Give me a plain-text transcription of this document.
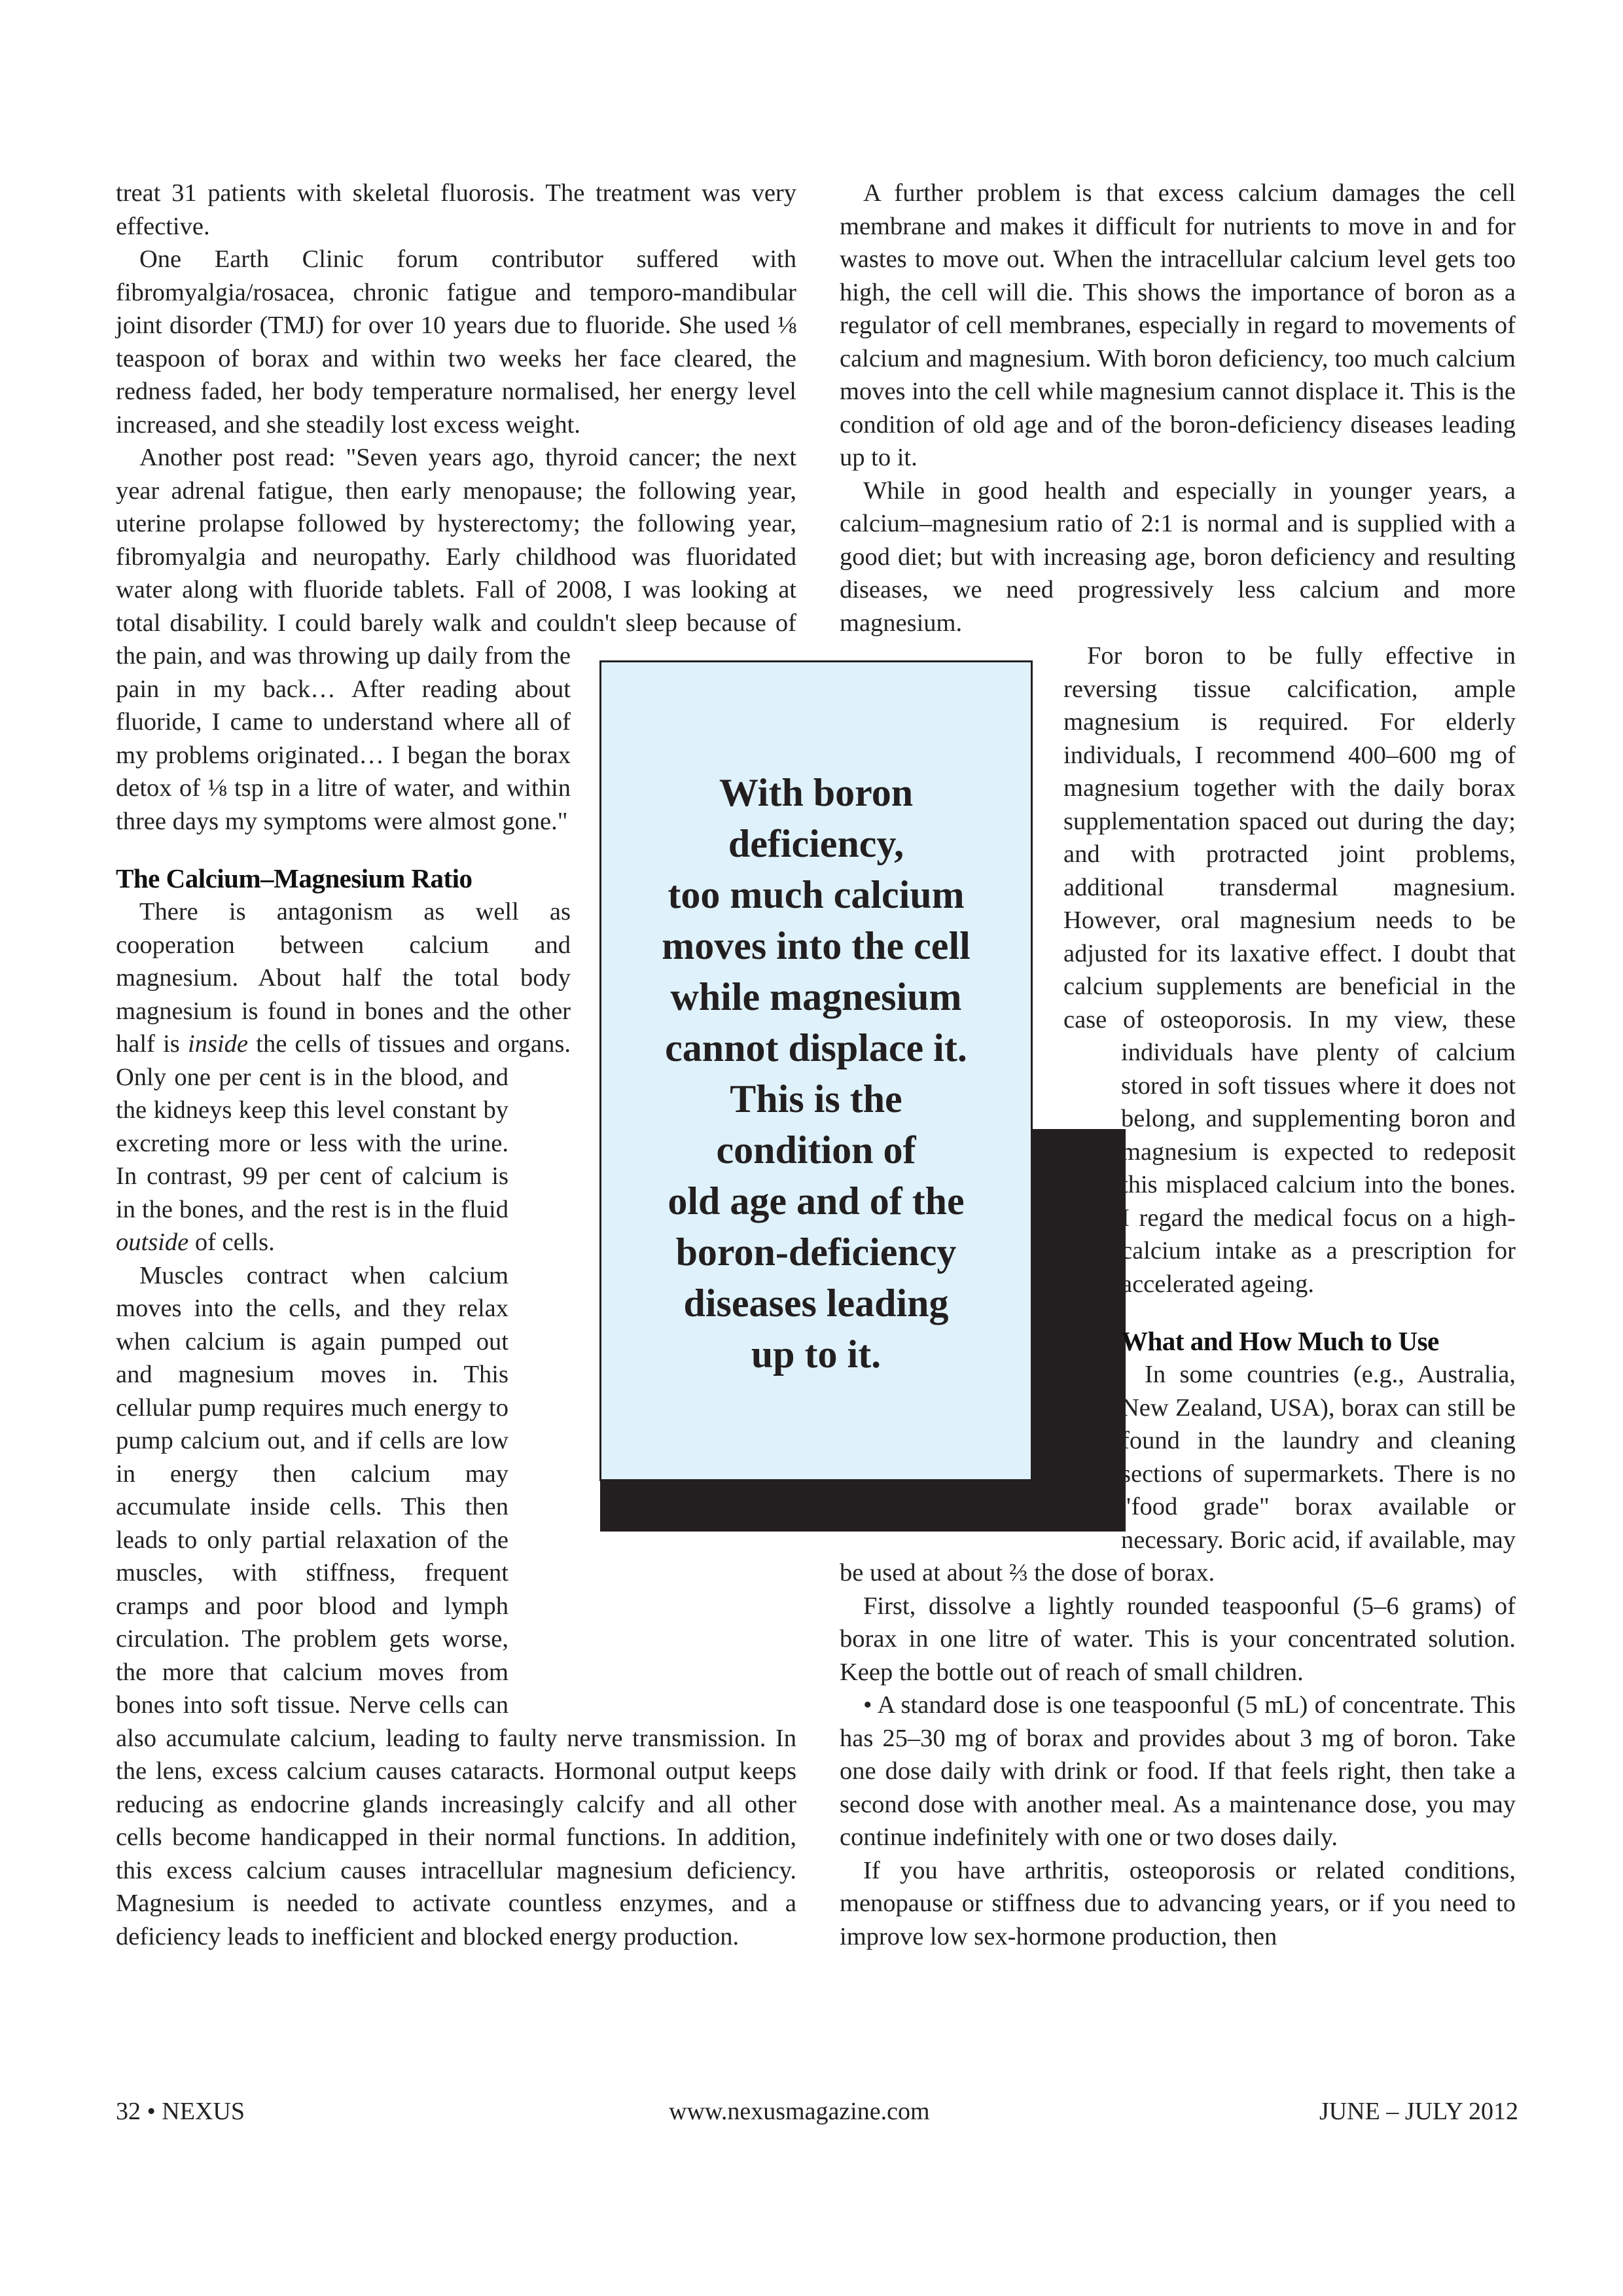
With boron
deficiency,
too much calcium
moves into the cell
while magnesium
cannot displace it.
This is the
condition of
old age and of the
boron-deficiency
diseases leading
up to it.

treat 31 patients with skeletal fluorosis. The treatment was very effective.

One Earth Clinic forum contributor suffered with fibromyalgia/rosacea, chronic fatigue and temporo-mandibular joint disorder (TMJ) for over 10 years due to fluoride. She used ⅛ teaspoon of borax and within two weeks her face cleared, the redness faded, her body temperature normalised, her energy level increased, and she steadily lost excess weight.

Another post read: "Seven years ago, thyroid cancer; the next year adrenal fatigue, then early menopause; the following year, uterine prolapse followed by hysterectomy; the following year, fibromyalgia and neuropathy. Early childhood was fluoridated water along with fluoride tablets. Fall of 2008, I was looking at total disability. I could barely walk and couldn't sleep because of the pain, and was throwing up daily from the pain in my back… After reading about fluoride, I came to understand where all of my problems originated… I began the borax detox of ⅛ tsp in a litre of water, and within three days my symptoms were almost gone."

The Calcium–Magnesium Ratio

There is antagonism as well as cooperation between calcium and magnesium. About half the total body magnesium is found in bones and the other half is inside the cells of tissues and organs. Only one per cent is in the blood, and the kidneys keep this level constant by excreting more or less with the urine. In contrast, 99 per cent of calcium is in the bones, and the rest is in the fluid outside of cells.

Muscles contract when calcium moves into the cells, and they relax when calcium is again pumped out and magnesium moves in. This cellular pump requires much energy to pump calcium out, and if cells are low in energy then calcium may accumulate inside cells. This then leads to only partial relaxation of the muscles, with stiffness, frequent cramps and poor blood and lymph circulation. The problem gets worse, the more that calcium moves from bones into soft tissue. Nerve cells can also accumulate calcium, leading to faulty nerve transmission. In the lens, excess calcium causes cataracts. Hormonal output keeps reducing as endocrine glands increasingly calcify and all other cells become handicapped in their normal functions. In addition, this excess calcium causes intracellular magnesium deficiency. Magnesium is needed to activate countless enzymes, and a deficiency leads to inefficient and blocked energy production.

A further problem is that excess calcium damages the cell membrane and makes it difficult for nutrients to move in and for wastes to move out. When the intracellular calcium level gets too high, the cell will die. This shows the importance of boron as a regulator of cell membranes, especially in regard to movements of calcium and magnesium. With boron deficiency, too much calcium moves into the cell while magnesium cannot displace it. This is the condition of old age and of the boron-deficiency diseases leading up to it.

While in good health and especially in younger years, a calcium–magnesium ratio of 2:1 is normal and is supplied with a good diet; but with increasing age, boron deficiency and resulting diseases, we need progressively less calcium and more magnesium.

For boron to be fully effective in reversing tissue calcification, ample magnesium is required. For elderly individuals, I recommend 400–600 mg of magnesium together with the daily borax supplementation spaced out during the day; and with protracted joint problems, additional transdermal magnesium. However, oral magnesium needs to be adjusted for its laxative effect. I doubt that calcium supplements are beneficial in the case of osteoporosis. In my view, these individuals have plenty of calcium stored in soft tissues where it does not belong, and supplementing boron and magnesium is expected to redeposit this misplaced calcium into the bones. I regard the medical focus on a high-calcium intake as a prescription for accelerated ageing.

What and How Much to Use

In some countries (e.g., Australia, New Zealand, USA), borax can still be found in the laundry and cleaning sections of supermarkets. There is no "food grade" borax available or necessary. Boric acid, if available, may be used at about ⅔ the dose of borax.

First, dissolve a lightly rounded teaspoonful (5–6 grams) of borax in one litre of water. This is your concentrated solution. Keep the bottle out of reach of small children.

• A standard dose is one teaspoonful (5 mL) of concentrate. This has 25–30 mg of borax and provides about 3 mg of boron. Take one dose daily with drink or food. If that feels right, then take a second dose with another meal. As a maintenance dose, you may continue indefinitely with one or two doses daily.

If you have arthritis, osteoporosis or related conditions, menopause or stiffness due to advancing years, or if you need to improve low sex-hormone production, then

32 • NEXUS	www.nexusmagazine.com	JUNE – JULY 2012
